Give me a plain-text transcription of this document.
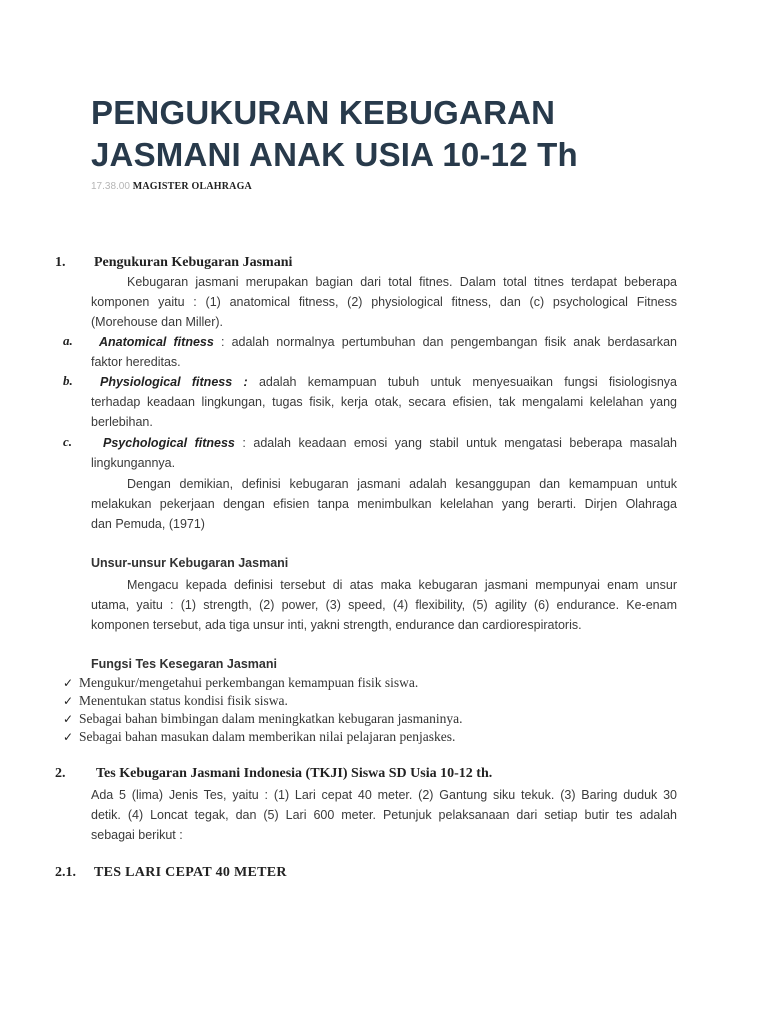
PENGUKURAN KEBUGARAN JASMANI ANAK USIA 10-12 Th
17.38.00 MAGISTER OLAHRAGA
1. Pengukuran Kebugaran Jasmani
Kebugaran jasmani merupakan bagian dari total fitnes. Dalam total titnes terdapat beberapa
komponen yaitu : (1) anatomical fitness, (2) physiological fitness, dan (c) psychological Fitness
(Morehouse dan Miller).
a.	Anatomical fitness : adalah normalnya pertumbuhan dan pengembangan fisik anak berdasarkan
faktor hereditas.
b.	Physiological fitness : adalah kemampuan tubuh untuk menyesuaikan fungsi fisiologisnya
terhadap keadaan lingkungan, tugas fisik, kerja otak, secara efisien, tak mengalami kelelahan yang
berlebihan.
c.	Psychological fitness : adalah keadaan emosi yang stabil untuk mengatasi beberapa masalah
lingkungannya.
Dengan demikian, definisi kebugaran jasmani adalah kesanggupan dan kemampuan untuk
melakukan pekerjaan dengan efisien tanpa menimbulkan kelelahan yang berarti. Dirjen Olahraga
dan Pemuda, (1971)
Unsur-unsur Kebugaran Jasmani
Mengacu kepada definisi tersebut di atas maka kebugaran jasmani mempunyai enam unsur
utama, yaitu : (1) strength, (2) power, (3) speed, (4) flexibility, (5) agility (6) endurance. Ke-enam
komponen tersebut, ada tiga unsur inti, yakni strength, endurance dan cardiorespiratoris.
Fungsi Tes Kesegaran Jasmani
✓ Mengukur/mengetahui perkembangan kemampuan fisik siswa.
✓ Menentukan status kondisi fisik siswa.
✓ Sebagai bahan bimbingan dalam meningkatkan kebugaran jasmaninya.
✓ Sebagai bahan masukan dalam memberikan nilai pelajaran penjaskes.
2. Tes Kebugaran Jasmani Indonesia (TKJI) Siswa SD Usia 10-12 th.
Ada 5 (lima) Jenis Tes, yaitu : (1) Lari cepat 40 meter. (2) Gantung siku tekuk. (3) Baring duduk 30
detik. (4) Loncat tegak, dan (5) Lari 600 meter. Petunjuk pelaksanaan dari setiap butir tes adalah
sebagai berikut :
2.1. TES LARI CEPAT 40 METER
